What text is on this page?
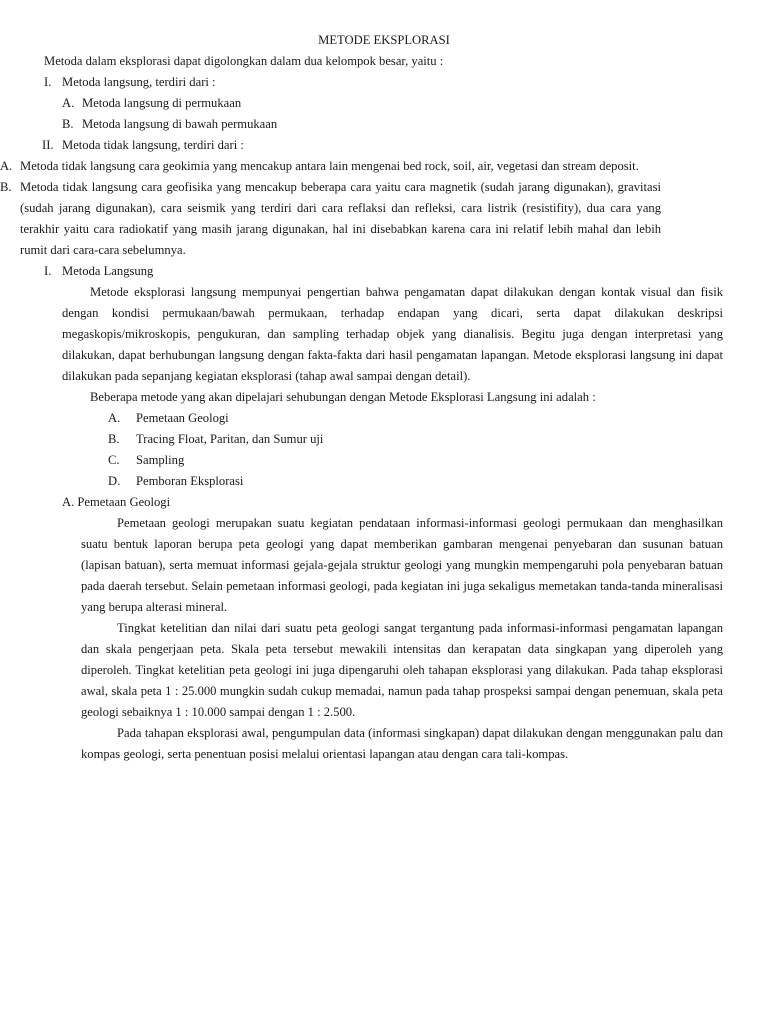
METODE EKSPLORASI

Metoda dalam eksplorasi dapat digolongkan dalam dua kelompok besar, yaitu :

I. Metoda langsung, terdiri dari :
A. Metoda langsung di permukaan
B. Metoda langsung di bawah permukaan
II. Metoda tidak langsung, terdiri dari :
A. Metoda tidak langsung cara geokimia yang mencakup antara lain mengenai bed rock, soil, air, vegetasi dan stream deposit.
B. Metoda tidak langsung cara geofisika yang mencakup beberapa cara yaitu cara magnetik (sudah jarang digunakan), gravitasi (sudah jarang digunakan), cara seismik yang terdiri dari cara reflaksi dan refleksi, cara listrik (resistifity), dua cara yang terakhir yaitu cara radiokatif yang masih jarang digunakan, hal ini disebabkan karena cara ini relatif lebih mahal dan lebih rumit dari cara-cara sebelumnya.
I. Metoda Langsung

Metode eksplorasi langsung mempunyai pengertian bahwa pengamatan dapat dilakukan dengan kontak visual dan fisik dengan kondisi permukaan/bawah permukaan, terhadap endapan yang dicari, serta dapat dilakukan deskripsi megaskopis/mikroskopis, pengukuran, dan sampling terhadap objek yang dianalisis. Begitu juga dengan interpretasi yang dilakukan, dapat berhubungan langsung dengan fakta-fakta dari hasil pengamatan lapangan. Metode eksplorasi langsung ini dapat dilakukan pada sepanjang kegiatan eksplorasi (tahap awal sampai dengan detail).

Beberapa metode yang akan dipelajari sehubungan dengan Metode Eksplorasi Langsung ini adalah :

A.	Pemetaan Geologi
B.	Tracing Float, Paritan, dan Sumur uji
C.	Sampling
D.	Pemboran Eksplorasi

A. Pemetaan Geologi

Pemetaan geologi merupakan suatu kegiatan pendataan informasi-informasi geologi permukaan dan menghasilkan suatu bentuk laporan berupa peta geologi yang dapat memberikan gambaran mengenai penyebaran dan susunan batuan (lapisan batuan), serta memuat informasi gejala-gejala struktur geologi yang mungkin mempengaruhi pola penyebaran batuan pada daerah tersebut. Selain pemetaan informasi geologi, pada kegiatan ini juga sekaligus memetakan tanda-tanda mineralisasi yang berupa alterasi mineral.

Tingkat ketelitian dan nilai dari suatu peta geologi sangat tergantung pada informasi-informasi pengamatan lapangan dan skala pengerjaan peta. Skala peta tersebut mewakili intensitas dan kerapatan data singkapan yang diperoleh yang diperoleh. Tingkat ketelitian peta geologi ini juga dipengaruhi oleh tahapan eksplorasi yang dilakukan. Pada tahap eksplorasi awal, skala peta 1 : 25.000 mungkin sudah cukup memadai, namun pada tahap prospeksi sampai dengan penemuan, skala peta geologi sebaiknya 1 : 10.000 sampai dengan 1 : 2.500.

Pada tahapan eksplorasi awal, pengumpulan data (informasi singkapan) dapat dilakukan dengan menggunakan palu dan kompas geologi, serta penentuan posisi melalui orientasi lapangan atau dengan cara tali-kompas.
